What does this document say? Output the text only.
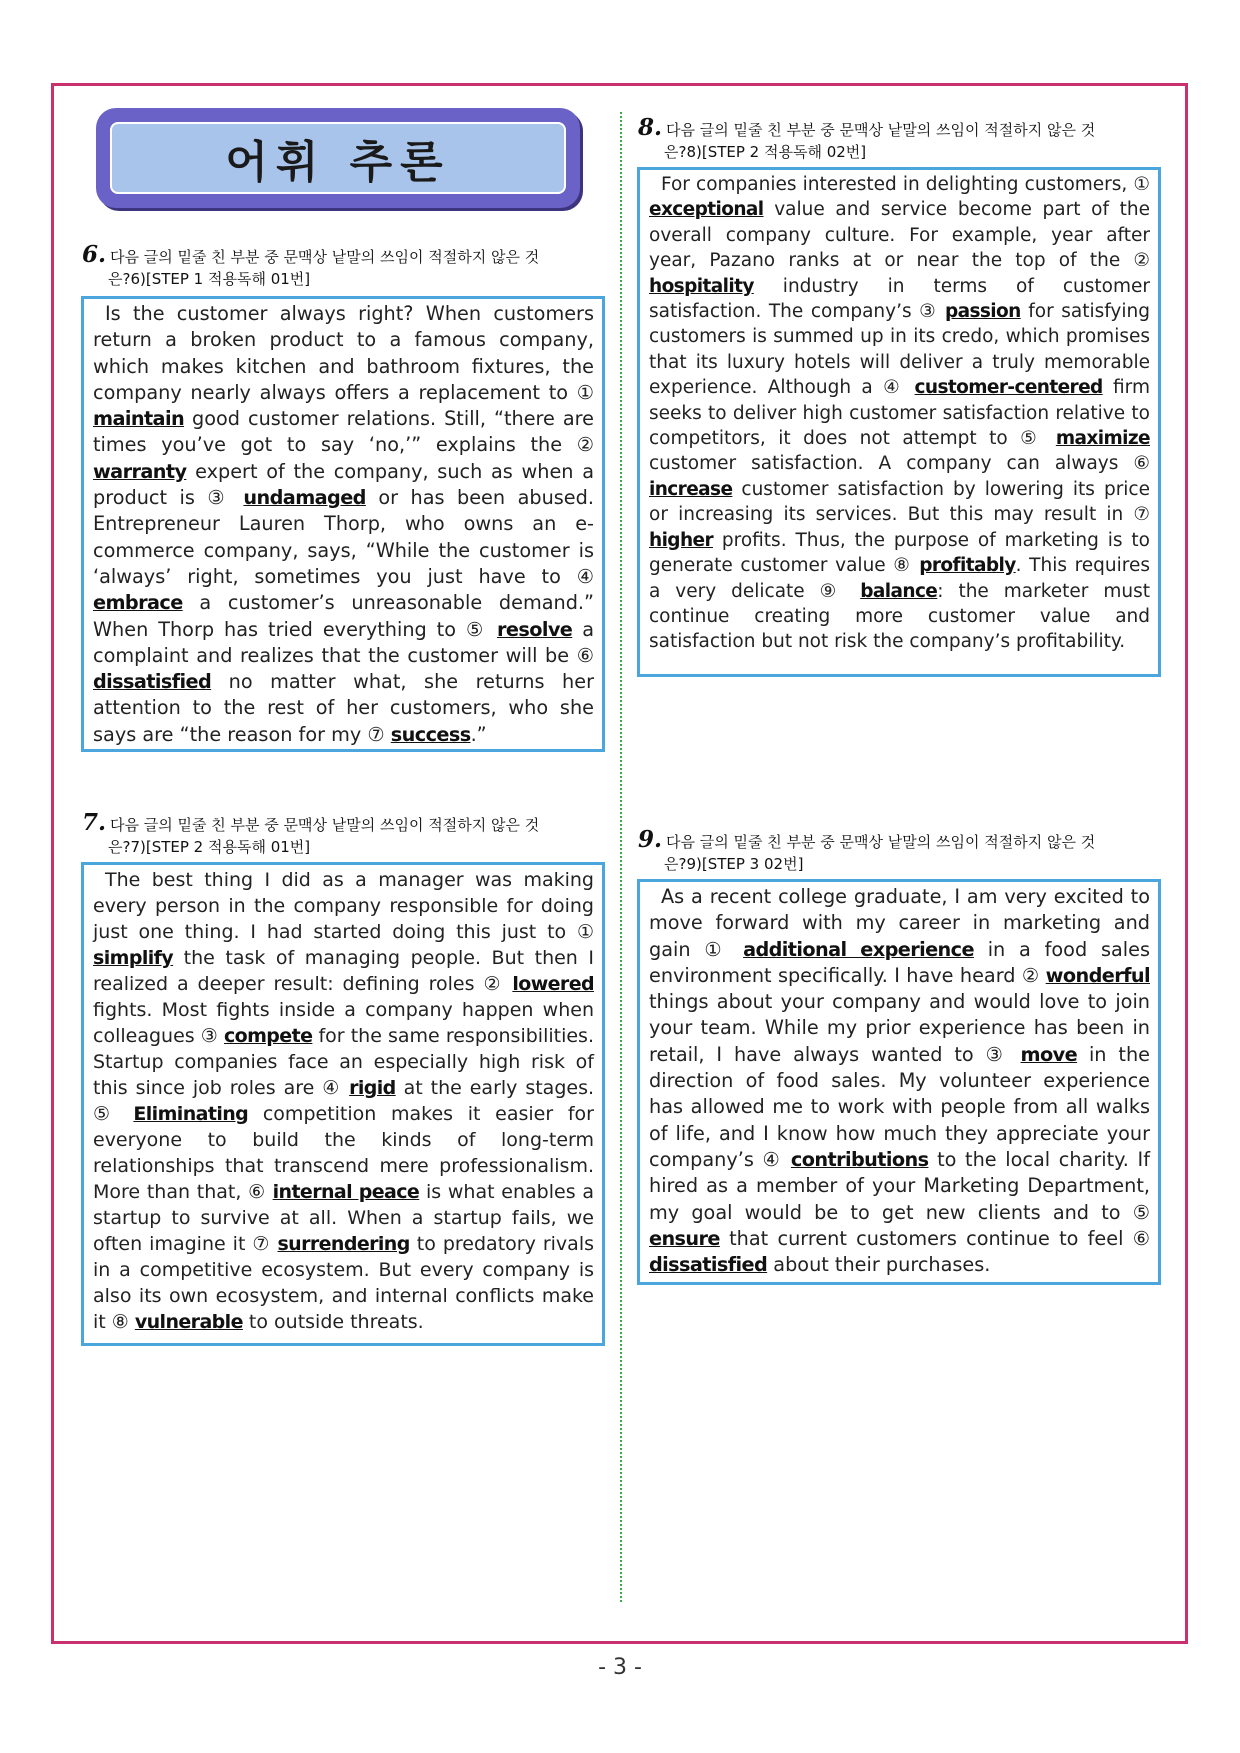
어휘 추론
6. 다음 글의 밑줄 친 부분 중 문맥상 낱말의 쓰임이 적절하지 않은 것
은?6)[STEP 1 적용독해 01번]
Is the customer always right? When customers return a broken product to a famous company, which makes kitchen and bathroom fixtures, the company nearly always offers a replacement to ① maintain good customer relations. Still, “there are times you’ve got to say ‘no,’” explains the ② warranty expert of the company, such as when a product is ③ undamaged or has been abused. Entrepreneur Lauren Thorp, who owns an e-commerce company, says, “While the customer is ‘always’ right, sometimes you just have to ④ embrace a customer’s unreasonable demand.” When Thorp has tried everything to ⑤ resolve a complaint and realizes that the customer will be ⑥ dissatisfied no matter what, she returns her attention to the rest of her customers, who she says are “the reason for my ⑦ success.”
7. 다음 글의 밑줄 친 부분 중 문맥상 낱말의 쓰임이 적절하지 않은 것
은?7)[STEP 2 적용독해 01번]
The best thing I did as a manager was making every person in the company responsible for doing just one thing. I had started doing this just to ① simplify the task of managing people. But then I realized a deeper result: defining roles ② lowered fights. Most fights inside a company happen when colleagues ③ compete for the same responsibilities. Startup companies face an especially high risk of this since job roles are ④ rigid at the early stages. ⑤ Eliminating competition makes it easier for everyone to build the kinds of long-term relationships that transcend mere professionalism. More than that, ⑥ internal peace is what enables a startup to survive at all. When a startup fails, we often imagine it ⑦ surrendering to predatory rivals in a competitive ecosystem. But every company is also its own ecosystem, and internal conflicts make it ⑧ vulnerable to outside threats.
8. 다음 글의 밑줄 친 부분 중 문맥상 낱말의 쓰임이 적절하지 않은 것
은?8)[STEP 2 적용독해 02번]
For companies interested in delighting customers, ① exceptional value and service become part of the overall company culture. For example, year after year, Pazano ranks at or near the top of the ② hospitality industry in terms of customer satisfaction. The company’s ③ passion for satisfying customers is summed up in its credo, which promises that its luxury hotels will deliver a truly memorable experience. Although a ④ customer-centered firm seeks to deliver high customer satisfaction relative to competitors, it does not attempt to ⑤ maximize customer satisfaction. A company can always ⑥ increase customer satisfaction by lowering its price or increasing its services. But this may result in ⑦ higher profits. Thus, the purpose of marketing is to generate customer value ⑧ profitably. This requires a very delicate ⑨ balance: the marketer must continue creating more customer value and satisfaction but not risk the company’s profitability.
9. 다음 글의 밑줄 친 부분 중 문맥상 낱말의 쓰임이 적절하지 않은 것
은?9)[STEP 3 02번]
As a recent college graduate, I am very excited to move forward with my career in marketing and gain ① additional experience in a food sales environment specifically. I have heard ② wonderful things about your company and would love to join your team. While my prior experience has been in retail, I have always wanted to ③ move in the direction of food sales. My volunteer experience has allowed me to work with people from all walks of life, and I know how much they appreciate your company’s ④ contributions to the local charity. If hired as a member of your Marketing Department, my goal would be to get new clients and to ⑤ ensure that current customers continue to feel ⑥ dissatisfied about their purchases.
- 3 -
